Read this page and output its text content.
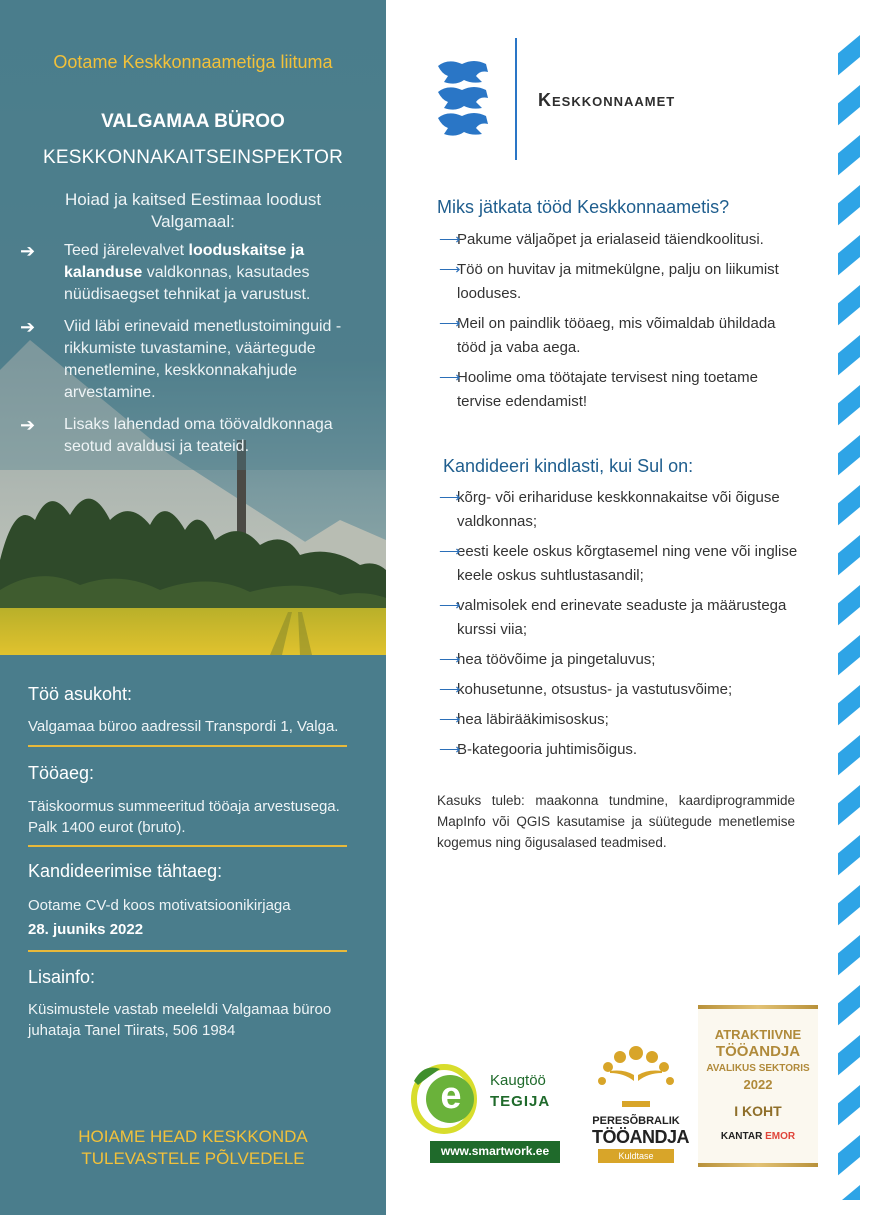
Ootame Keskkonnaametiga liituma
VALGAMAA BÜROO
KESKKONNAKAITSEINSPEKTOR
Hoiad ja kaitsed Eestimaa loodust Valgamaal:
➔ Teed järelevalvet looduskaitse ja kalanduse valdkonnas, kasutades nüüdisaegset tehnikat ja varustust.
➔ Viid läbi erinevaid menetlustoiminguid - rikkumiste tuvastamine, väärtegude menetlemine, keskkonnakahjude arvestamine.
➔ Lisaks lahendad oma töövaldkonnaga seotud avaldusi ja teateid.
Töö asukoht:
Valgamaa büroo aadressil Transpordi 1, Valga.
Tööaeg:
Täiskoormus summeeritud tööaja arvestusega.
Palk 1400 eurot (bruto).
Kandideerimise tähtaeg:
Ootame CV-d koos motivatsioonikirjaga
28. juuniks 2022
Lisainfo:
Küsimustele vastab meeleldi Valgamaa büroo
juhataja Tanel Tiirats, 506 1984
HOIAME HEAD KESKKONDA
TULEVASTELE PÕLVEDELE
Keskkonnaamet
Miks jätkata tööd Keskkonnaametis?
⟶
Pakume väljaõpet ja erialaseid täiendkoolitusi.
⟶
Töö on huvitav ja mitmekülgne, palju on liikumist looduses.
⟶
Meil on paindlik tööaeg, mis võimaldab ühildada tööd ja vaba aega.
⟶
Hoolime oma töötajate tervisest ning toetame tervise edendamist!
Kandideeri kindlasti, kui Sul on:
⟶
kõrg- või erihariduse keskkonnakaitse või õiguse valdkonnas;
⟶
eesti keele oskus kõrgtasemel ning vene või inglise keele oskus suhtlustasandil;
⟶
valmisolek end erinevate seaduste ja määrustega kurssi viia;
⟶
hea töövõime ja pingetaluvus;
⟶
kohusetunne, otsustus- ja vastutusvõime;
⟶
hea läbirääkimisoskus;
⟶
B-kategooria juhtimisõigus.
Kasuks tuleb: maakonna tundmine, kaardiprogrammide MapInfo või QGIS kasutamise ja süütegude menetlemise kogemus ning õigusalased teadmised.
e Kaugtöö
TEGIJA
www.smartwork.ee
PERESÕBRALIK
TÖÖANDJA
Kuldtase
ATRAKTIIVNE
TÖÖANDJA
AVALIKUS SEKTORIS
2022
I KOHT
KANTAR EMOR
